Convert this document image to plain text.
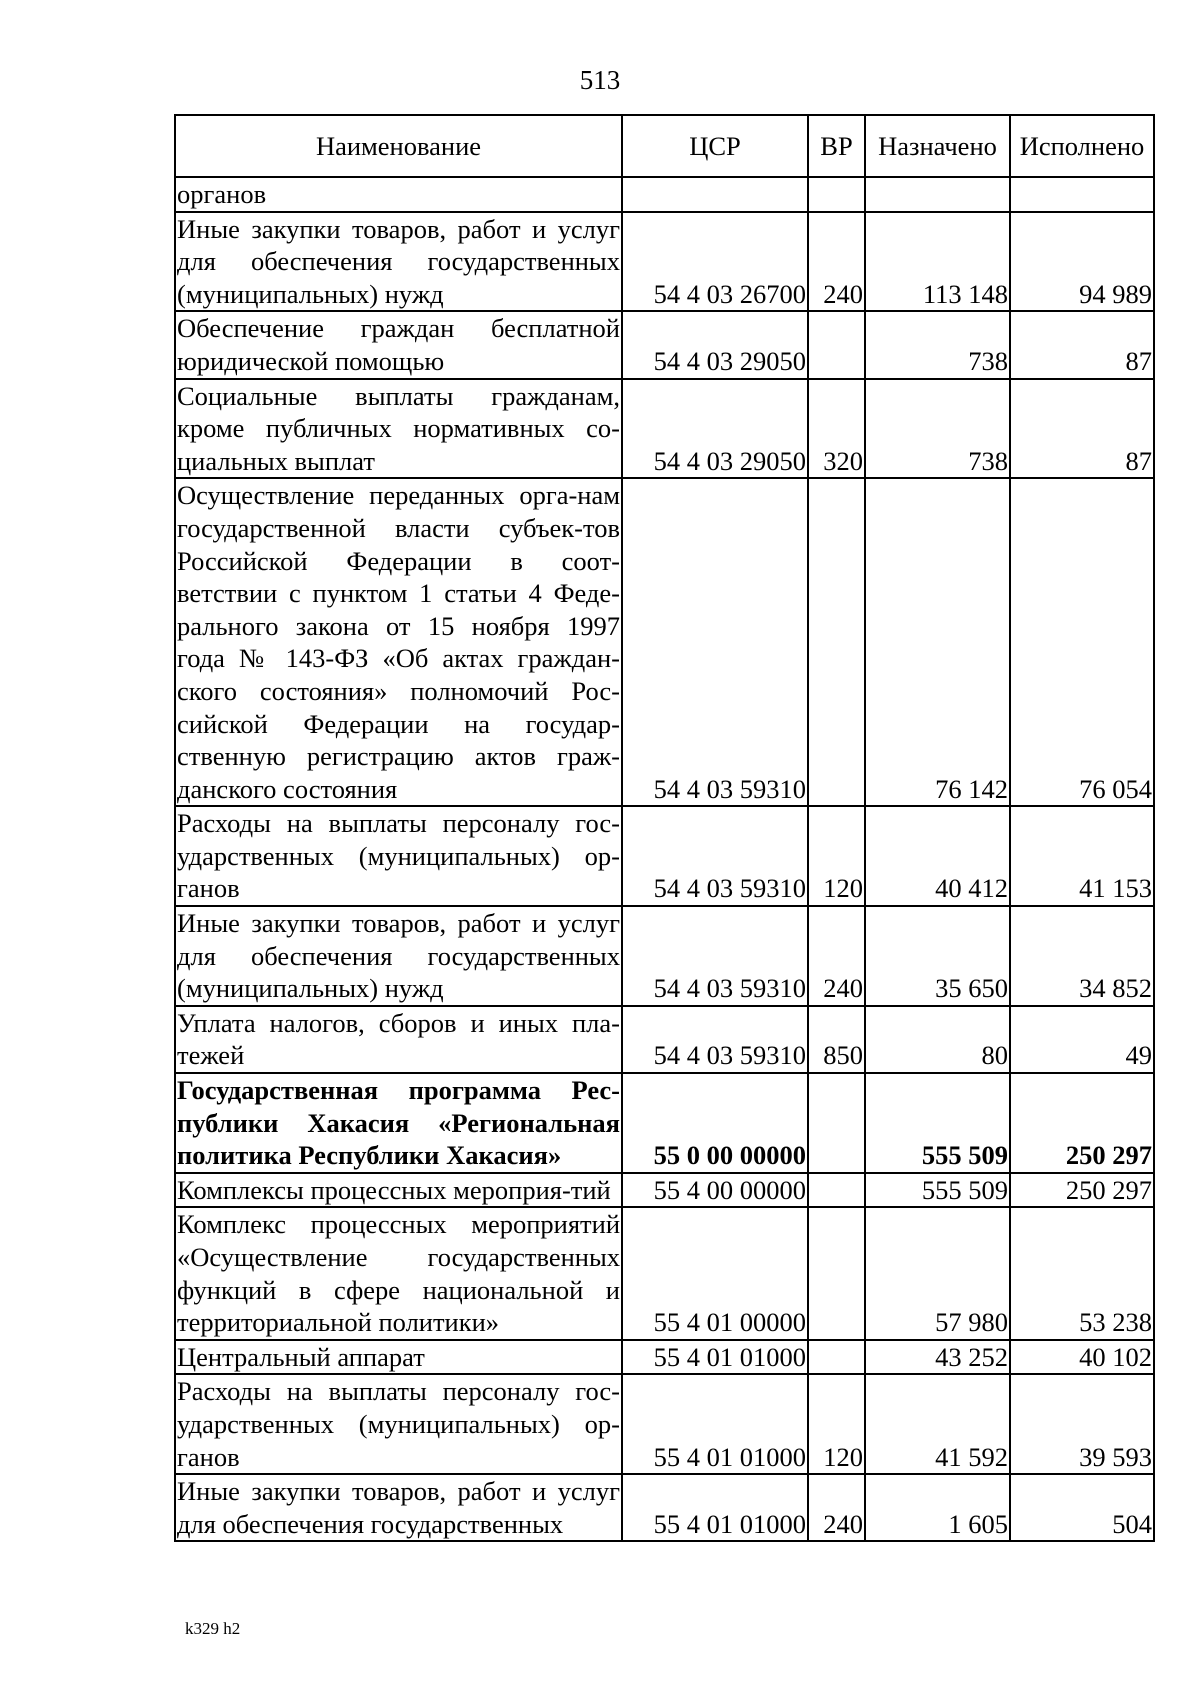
513
Наименование	ЦСР	ВР	Назначено	Исполнено
органов				
Иные закупки товаров, работ и услуг для обеспечения государственных (муниципальных) нужд	54 4 03 26700	240	113 148	94 989
Обеспечение граждан бесплатной юридической помощью	54 4 03 29050		738	87
Социальные выплаты гражданам, кроме публичных нормативных со-циальных выплат	54 4 03 29050	320	738	87
Осуществление переданных орга-нам государственной власти субъек-тов Российской Федерации в соот-ветствии с пунктом 1 статьи 4 Феде-рального закона от 15 ноября 1997 года № 143-ФЗ «Об актах граждан-ского состояния» полномочий Рос-сийской Федерации на государ-ственную регистрацию актов граж-данского состояния	54 4 03 59310		76 142	76 054
Расходы на выплаты персоналу гос-ударственных (муниципальных) ор-ганов	54 4 03 59310	120	40 412	41 153
Иные закупки товаров, работ и услуг для обеспечения государственных (муниципальных) нужд	54 4 03 59310	240	35 650	34 852
Уплата налогов, сборов и иных пла-тежей	54 4 03 59310	850	80	49
Государственная программа Рес-публики Хакасия «Региональная политика Республики Хакасия»	55 0 00 00000		555 509	250 297
Комплексы процессных мероприя-тий	55 4 00 00000		555 509	250 297
Комплекс процессных мероприятий «Осуществление государственных функций в сфере национальной и территориальной политики»	55 4 01 00000		57 980	53 238
Центральный аппарат	55 4 01 01000		43 252	40 102
Расходы на выплаты персоналу гос-ударственных (муниципальных) ор-ганов	55 4 01 01000	120	41 592	39 593
Иные закупки товаров, работ и услуг для обеспечения государственных	55 4 01 01000	240	1 605	504
k329 h2
